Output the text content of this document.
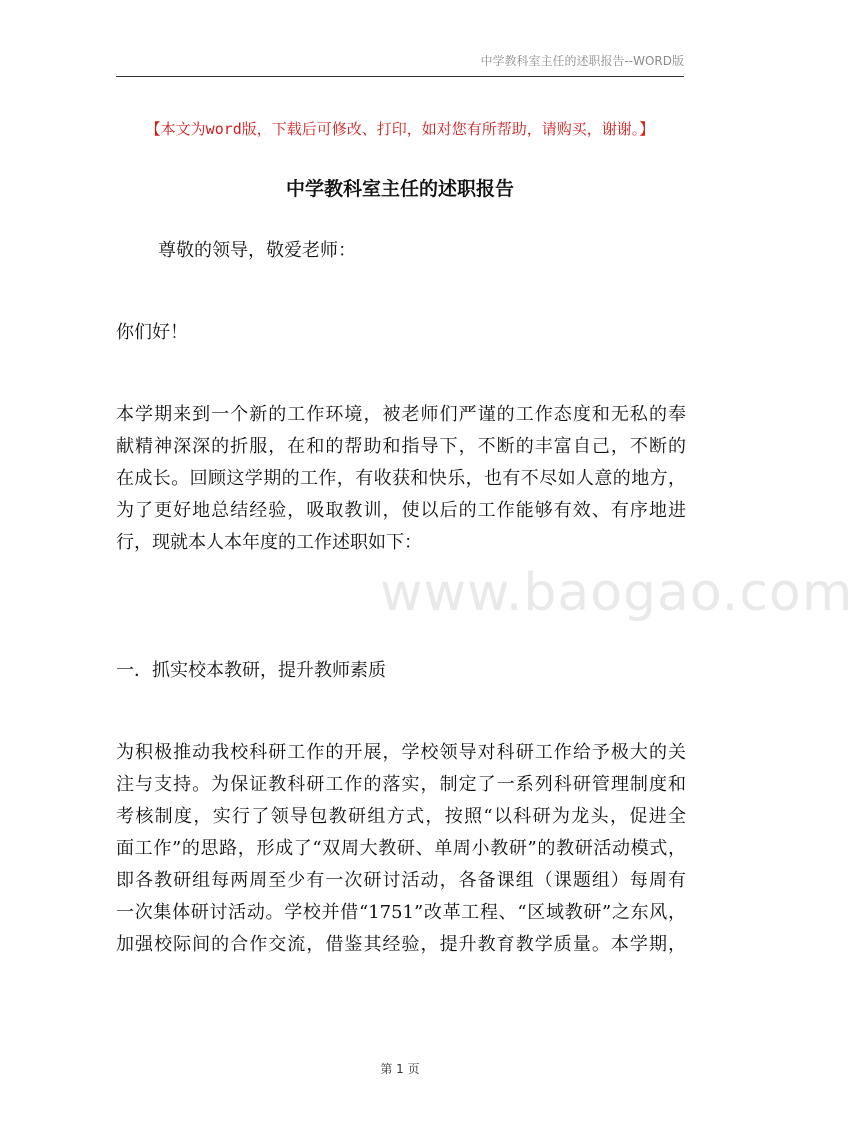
中学教科室主任的述职报告--WORD版
【本文为word版，下载后可修改、打印，如对您有所帮助，请购买，谢谢。】
中学教科室主任的述职报告
尊敬的领导，敬爱老师：
你们好！
本学期来到一个新的工作环境，被老师们严谨的工作态度和无私的奉
献精神深深的折服，在和的帮助和指导下，不断的丰富自己，不断的
在成长。回顾这学期的工作，有收获和快乐，也有不尽如人意的地方，
为了更好地总结经验，吸取教训，使以后的工作能够有效、有序地进
行，现就本人本年度的工作述职如下：
一．抓实校本教研，提升教师素质
为积极推动我校科研工作的开展，学校领导对科研工作给予极大的关
注与支持。为保证教科研工作的落实，制定了一系列科研管理制度和
考核制度，实行了领导包教研组方式，按照“以科研为龙头，促进全
面工作”的思路，形成了“双周大教研、单周小教研”的教研活动模式，
即各教研组每两周至少有一次研讨活动，各备课组（课题组）每周有
一次集体研讨活动。学校并借“1751”改革工程、“区域教研”之东风，
加强校际间的合作交流，借鉴其经验，提升教育教学质量。本学期，
www.baogao.com
第 1 页
